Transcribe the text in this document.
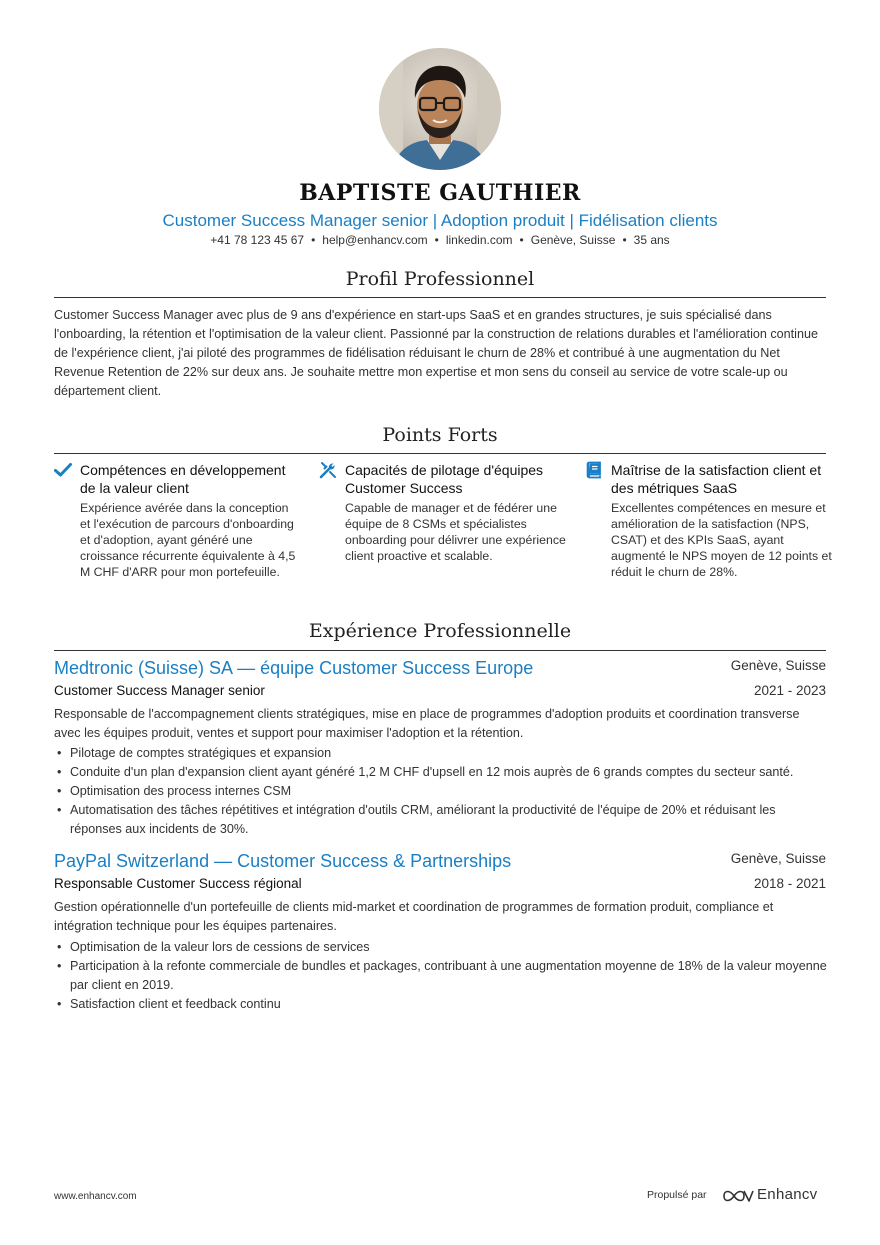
BAPTISTE GAUTHIER
Customer Success Manager senior | Adoption produit | Fidélisation clients
+41 78 123 45 67 • help@enhancv.com • linkedin.com • Genève, Suisse • 35 ans
Profil Professionnel
Customer Success Manager avec plus de 9 ans d'expérience en start-ups SaaS et en grandes structures, je suis spécialisé dans l'onboarding, la rétention et l'optimisation de la valeur client. Passionné par la construction de relations durables et l'amélioration continue de l'expérience client, j'ai piloté des programmes de fidélisation réduisant le churn de 28% et contribué à une augmentation du Net Revenue Retention de 22% sur deux ans. Je souhaite mettre mon expertise et mon sens du conseil au service de votre scale-up ou département client.
Points Forts
Compétences en développement de la valeur client
Expérience avérée dans la conception et l'exécution de parcours d'onboarding et d'adoption, ayant généré une croissance récurrente équivalente à 4,5 M CHF d'ARR pour mon portefeuille.
Capacités de pilotage d'équipes Customer Success
Capable de manager et de fédérer une équipe de 8 CSMs et spécialistes onboarding pour délivrer une expérience client proactive et scalable.
Maîtrise de la satisfaction client et des métriques SaaS
Excellentes compétences en mesure et amélioration de la satisfaction (NPS, CSAT) et des KPIs SaaS, ayant augmenté le NPS moyen de 12 points et réduit le churn de 28%.
Expérience Professionnelle
Medtronic (Suisse) SA — équipe Customer Success Europe	Genève, Suisse
Customer Success Manager senior	2021 - 2023
Responsable de l'accompagnement clients stratégiques, mise en place de programmes d'adoption produits et coordination transverse avec les équipes produit, ventes et support pour maximiser l'adoption et la rétention.
• Pilotage de comptes stratégiques et expansion
• Conduite d'un plan d'expansion client ayant généré 1,2 M CHF d'upsell en 12 mois auprès de 6 grands comptes du secteur santé.
• Optimisation des process internes CSM
• Automatisation des tâches répétitives et intégration d'outils CRM, améliorant la productivité de l'équipe de 20% et réduisant les réponses aux incidents de 30%.
PayPal Switzerland — Customer Success & Partnerships	Genève, Suisse
Responsable Customer Success régional	2018 - 2021
Gestion opérationnelle d'un portefeuille de clients mid-market et coordination de programmes de formation produit, compliance et intégration technique pour les équipes partenaires.
• Optimisation de la valeur lors de cessions de services
• Participation à la refonte commerciale de bundles et packages, contribuant à une augmentation moyenne de 18% de la valeur moyenne par client en 2019.
• Satisfaction client et feedback continu
www.enhancv.com	Propulsé par	Enhancv
